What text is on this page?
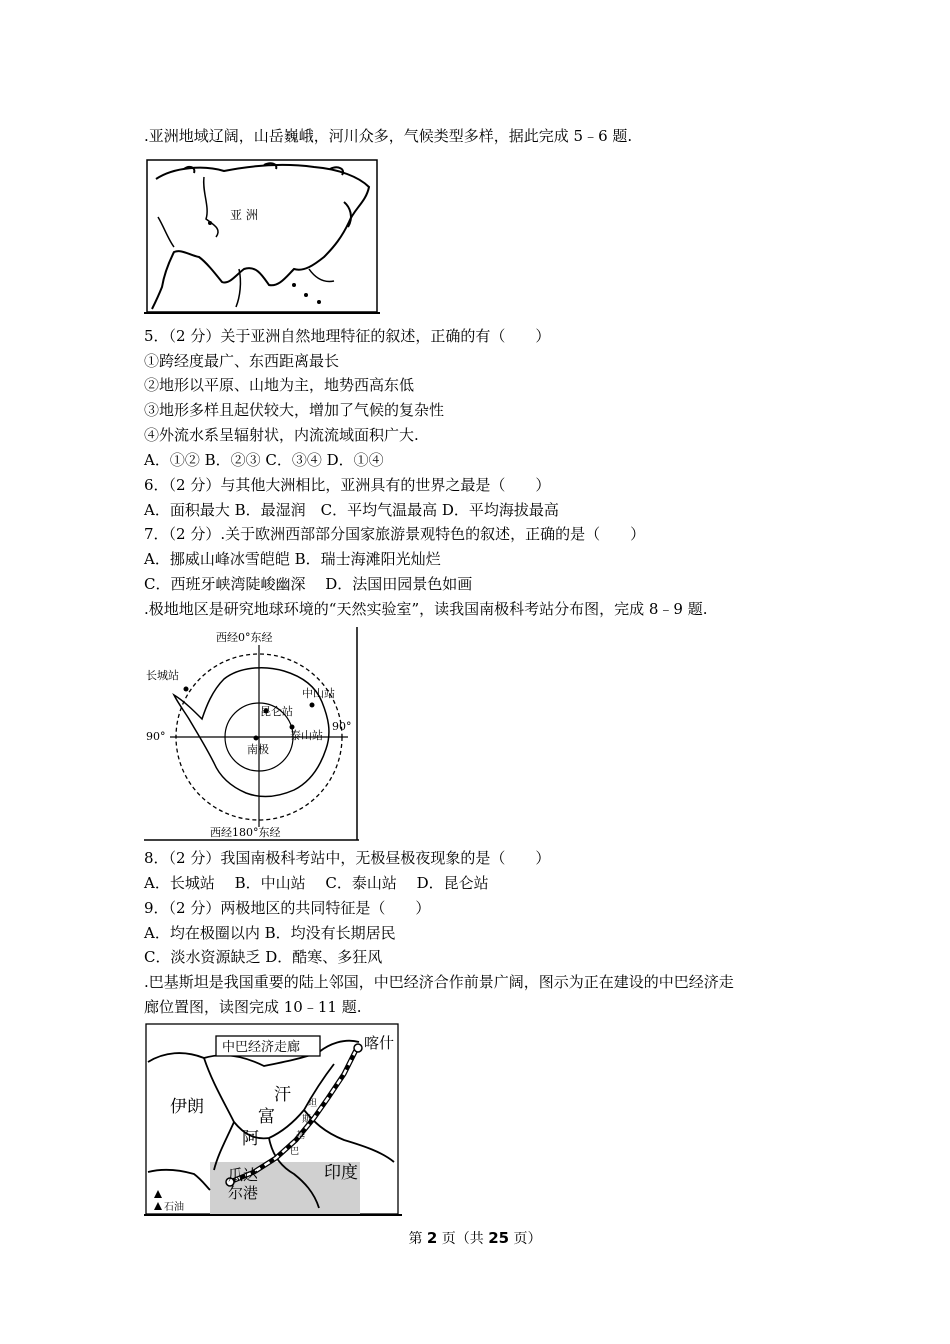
.亚洲地域辽阔，山岳巍峨，河川众多，气候类型多样，据此完成 5﹣6 题.
亚 洲
5．（2 分）关于亚洲自然地理特征的叙述，正确的有（　　）
①跨经度最广、东西距离最长
②地形以平原、山地为主，地势西高东低
③地形多样且起伏较大，增加了气候的复杂性
④外流水系呈辐射状，内流流域面积广大.
A．①② B．②③ C．③④ D．①④
6．（2 分）与其他大洲相比，亚洲具有的世界之最是（　　）
A．面积最大 B．最湿润　C．平均气温最高 D．平均海拔最高
7．（2 分）.关于欧洲西部部分国家旅游景观特色的叙述，正确的是（　　）
A．挪威山峰冰雪皑皑 B．瑞士海滩阳光灿烂
C．西班牙峡湾陡峻幽深　 D．法国田园景色如画
.极地地区是研究地球环境的“天然实验室”，读我国南极科考站分布图，完成 8﹣9 题.
西经0°东经
西经180°东经
90°
90°
长城站
中山站
昆仑站
泰山站
南极
8．（2 分）我国南极科考站中，无极昼极夜现象的是（　　）
A．长城站　 B．中山站　 C．泰山站　 D．昆仑站
9．（2 分）两极地区的共同特征是（　　）
A．均在极圈以内 B．均没有长期居民
C．淡水资源缺乏 D．酷寒、多狂风
.巴基斯坦是我国重要的陆上邻国，中巴经济合作前景广阔，图示为正在建设的中巴经济走
廊位置图，读图完成 10﹣11 题.
中巴经济走廊	喀什
伊朗
阿
富
汗
巴
基
斯
坦
印度
瓜达
尔港
石油
第 2 页（共 25 页）
